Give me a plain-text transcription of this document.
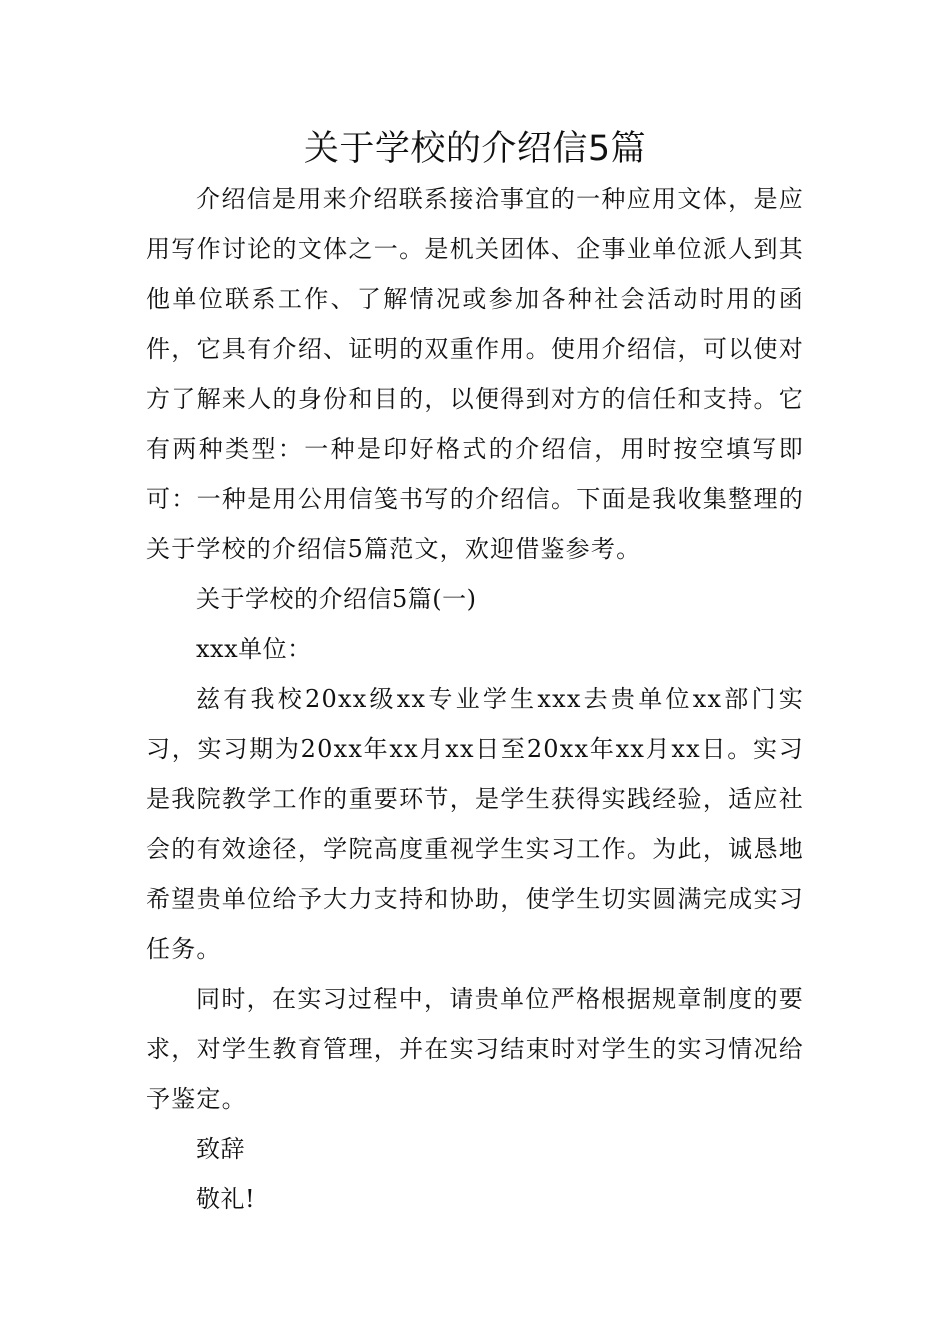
关于学校的介绍信5篇

介绍信是用来介绍联系接洽事宜的一种应用文体，是应用写作讨论的文体之一。是机关团体、企事业单位派人到其他单位联系工作、了解情况或参加各种社会活动时用的函件，它具有介绍、证明的双重作用。使用介绍信，可以使对方了解来人的身份和目的，以便得到对方的信任和支持。它有两种类型：一种是印好格式的介绍信，用时按空填写即可：一种是用公用信笺书写的介绍信。下面是我收集整理的关于学校的介绍信5篇范文，欢迎借鉴参考。

关于学校的介绍信5篇(一)

xxx单位：

兹有我校20xx级xx专业学生xxx去贵单位xx部门实习，实习期为20xx年xx月xx日至20xx年xx月xx日。实习是我院教学工作的重要环节，是学生获得实践经验，适应社会的有效途径，学院高度重视学生实习工作。为此，诚恳地希望贵单位给予大力支持和协助，使学生切实圆满完成实习任务。

同时，在实习过程中，请贵单位严格根据规章制度的要求，对学生教育管理，并在实习结束时对学生的实习情况给予鉴定。

致辞

敬礼!
